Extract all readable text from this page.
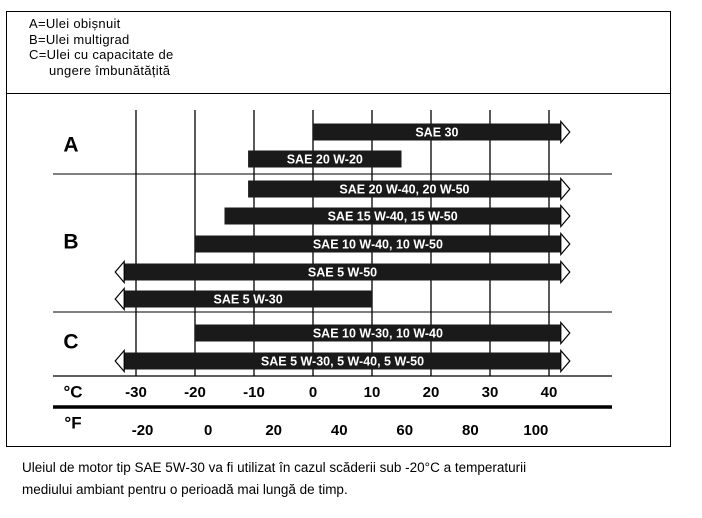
A=Ulei obișnuit
B=Ulei multigrad
C=Ulei cu capacitate de
ungere îmbunătățită
A
SAE 30
SAE 20 W-20
B
SAE 20 W-40, 20 W-50
SAE 15 W-40, 15 W-50
SAE 10 W-40, 10 W-50
SAE 5 W-50
SAE 5 W-30
C	SAE 10 W-30, 10 W-40
SAE 5 W-30, 5 W-40, 5 W-50
°C
°F
-30 -20 -10	0	10	20	30	40
-20	0	20	40	60	80	100
Uleiul de motor tip SAE 5W-30 va fi utilizat în cazul scăderii sub -20°C a temperaturii
mediului ambiant pentru o perioadă mai lungă de timp.
